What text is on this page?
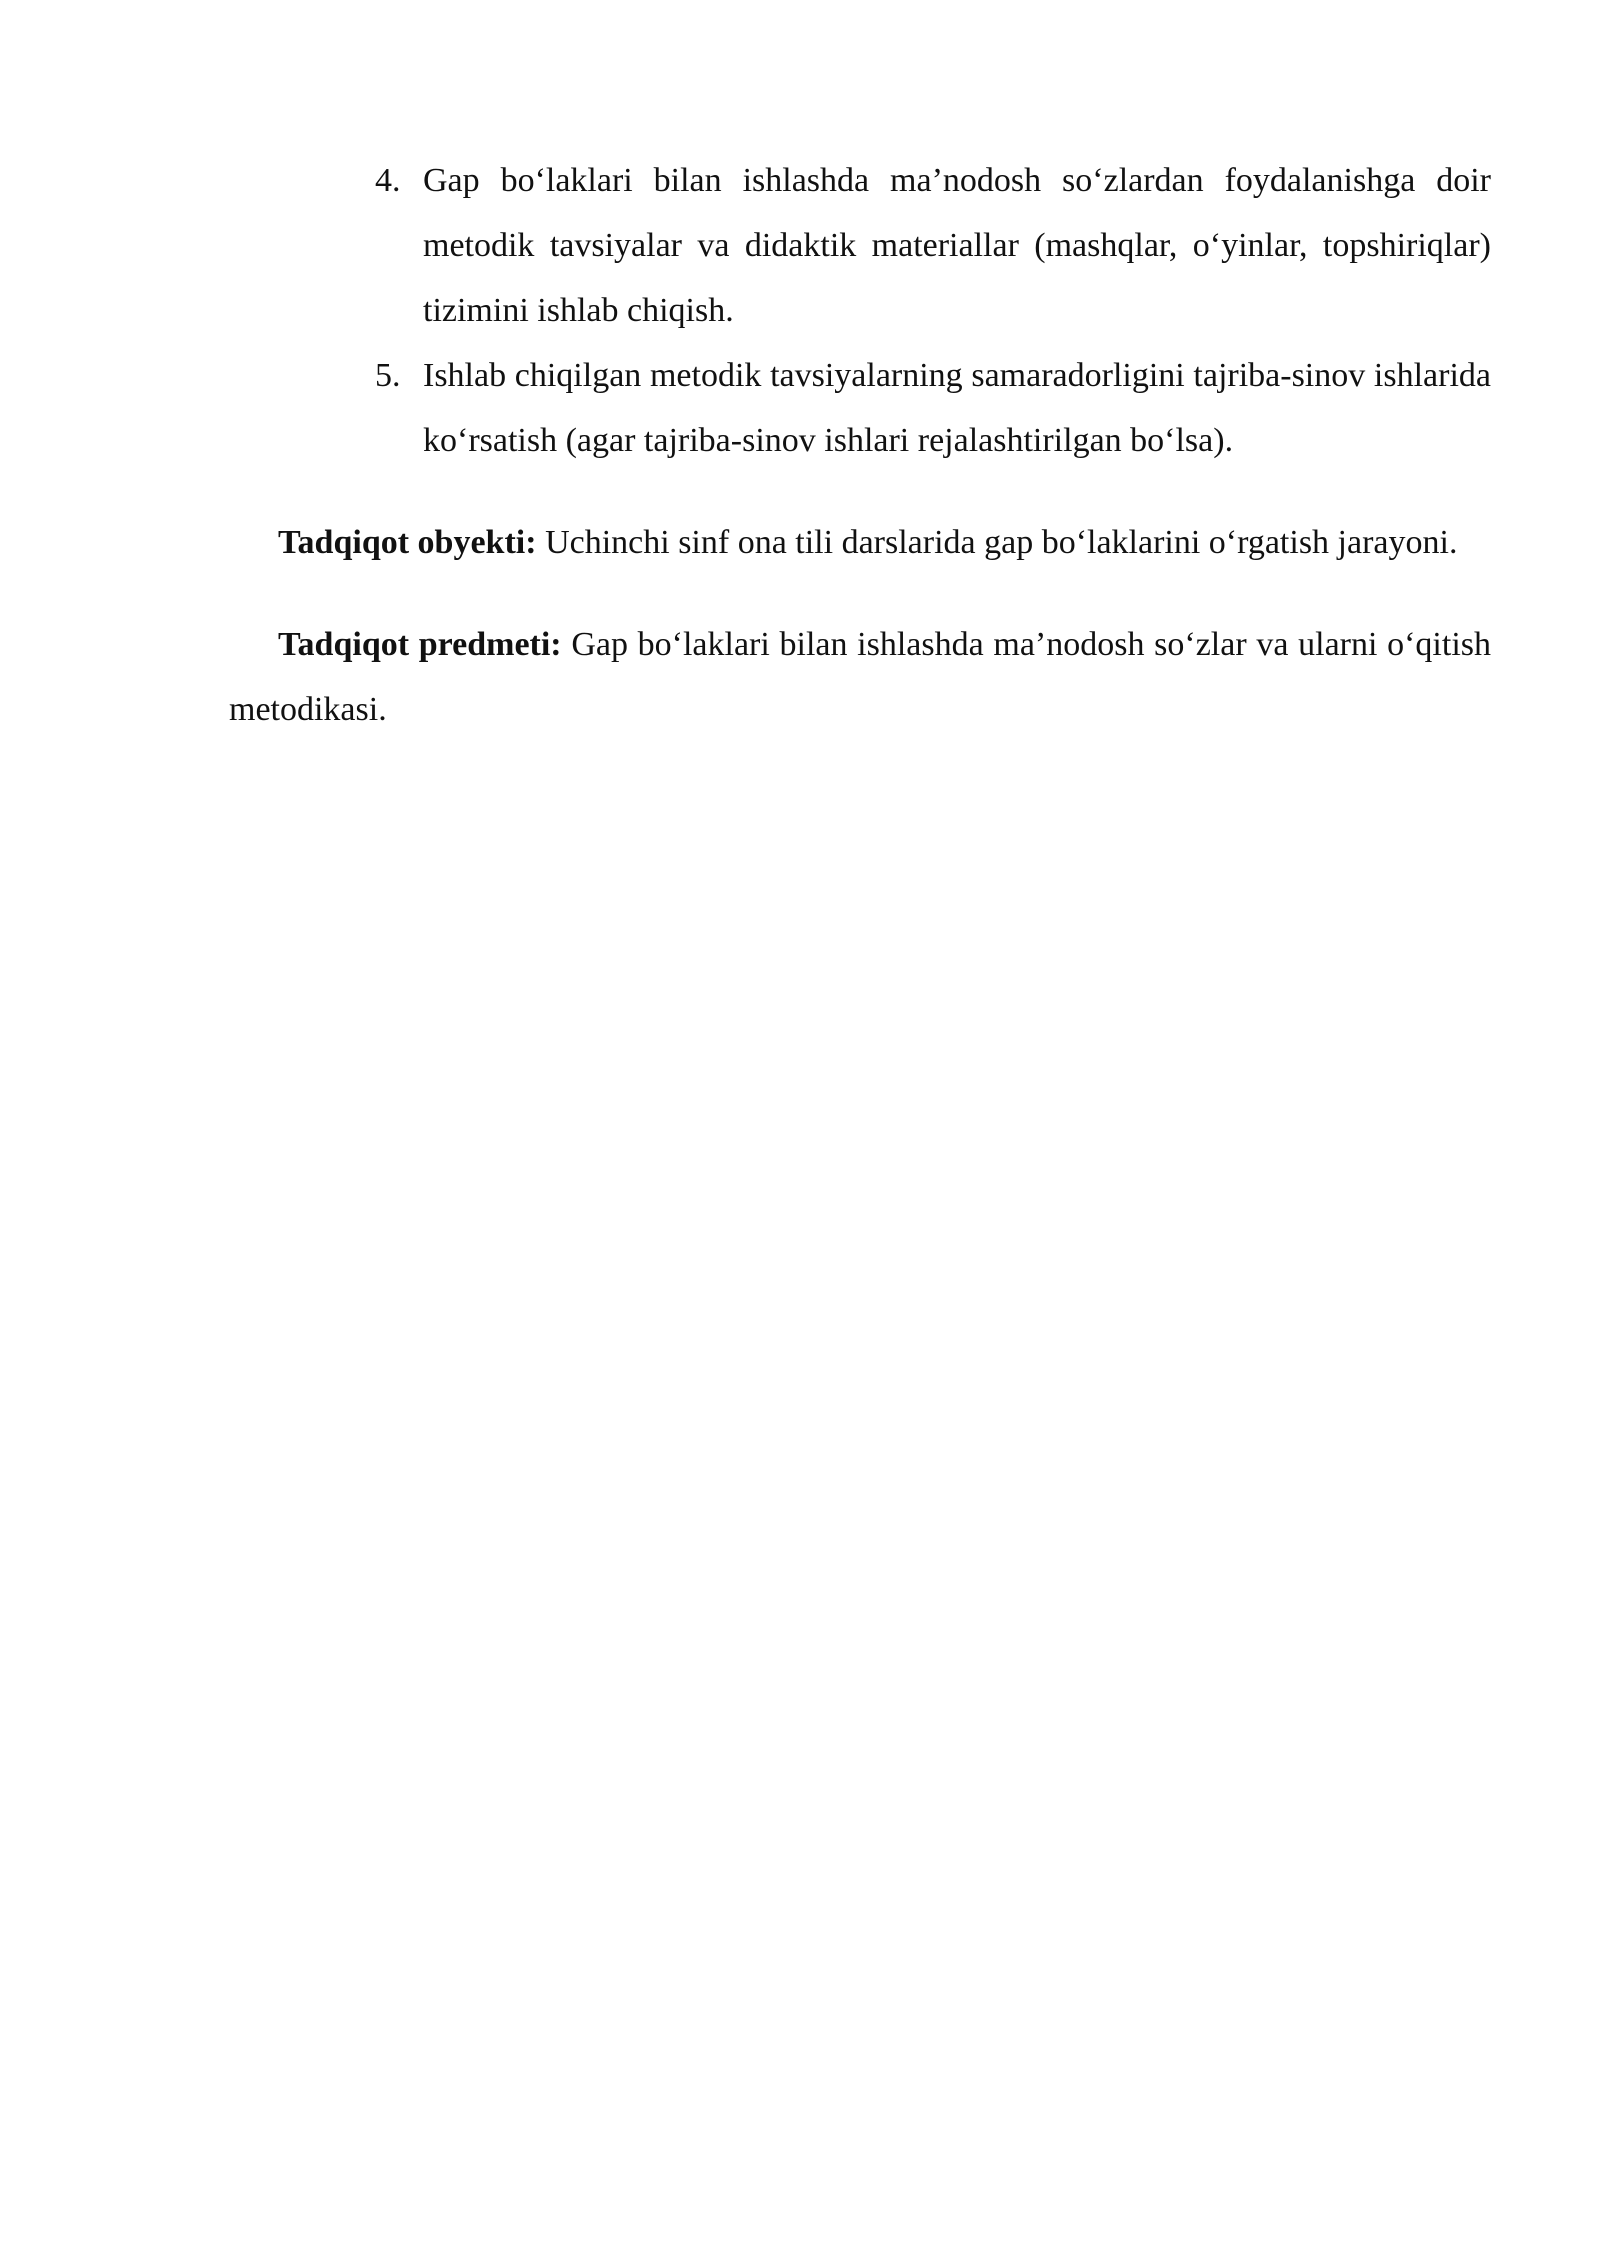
4. Gap bo‘laklari bilan ishlashda ma’nodosh so‘zlardan foydalanishga doir metodik tavsiyalar va didaktik materiallar (mashqlar, o‘yinlar, topshiriqlar) tizimini ishlab chiqish.
5. Ishlab chiqilgan metodik tavsiyalarning samaradorligini tajriba-sinov ishlarida ko‘rsatish (agar tajriba-sinov ishlari rejalashtirilgan bo‘lsa).

Tadqiqot obyekti: Uchinchi sinf ona tili darslarida gap bo‘laklarini o‘rgatish jarayoni.

Tadqiqot predmeti: Gap bo‘laklari bilan ishlashda ma’nodosh so‘zlar va ularni o‘qitish metodikasi.
